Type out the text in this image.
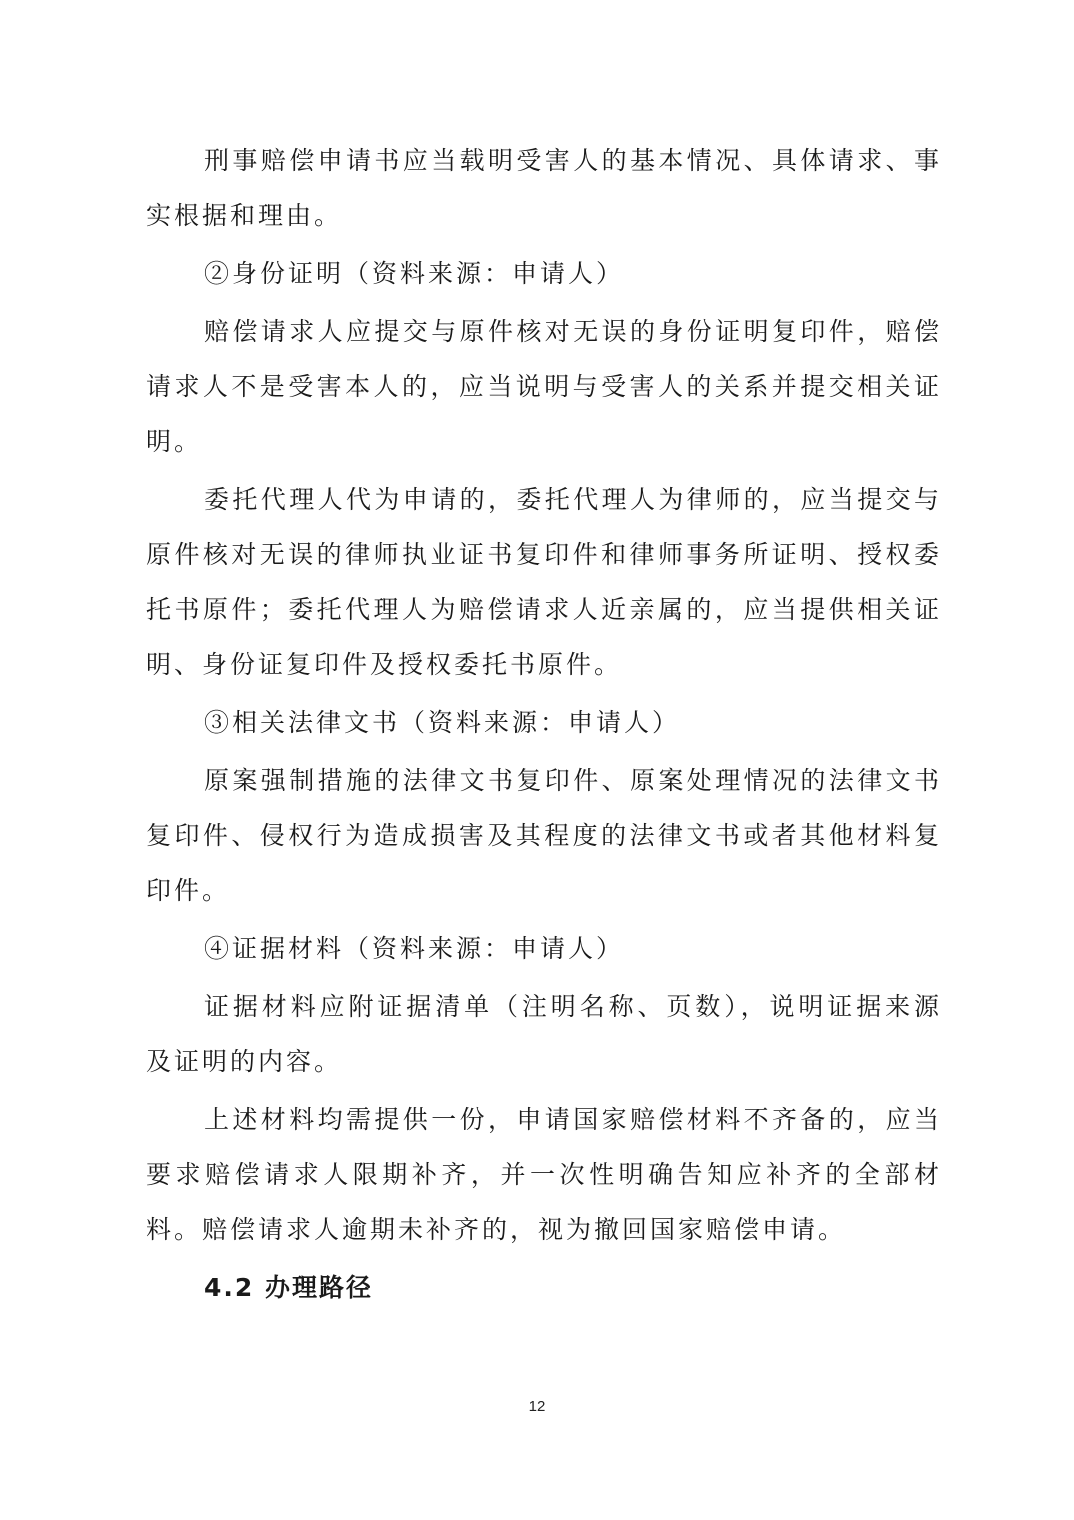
刑事赔偿申请书应当载明受害人的基本情况、具体请求、事实根据和理由。

②身份证明（资料来源：申请人）

赔偿请求人应提交与原件核对无误的身份证明复印件，赔偿请求人不是受害本人的，应当说明与受害人的关系并提交相关证明。

委托代理人代为申请的，委托代理人为律师的，应当提交与原件核对无误的律师执业证书复印件和律师事务所证明、授权委托书原件；委托代理人为赔偿请求人近亲属的，应当提供相关证明、身份证复印件及授权委托书原件。

③相关法律文书（资料来源：申请人）

原案强制措施的法律文书复印件、原案处理情况的法律文书复印件、侵权行为造成损害及其程度的法律文书或者其他材料复印件。

④证据材料（资料来源：申请人）

证据材料应附证据清单（注明名称、页数），说明证据来源及证明的内容。

上述材料均需提供一份，申请国家赔偿材料不齐备的，应当要求赔偿请求人限期补齐，并一次性明确告知应补齐的全部材料。赔偿请求人逾期未补齐的，视为撤回国家赔偿申请。

4.2 办理路径

12
